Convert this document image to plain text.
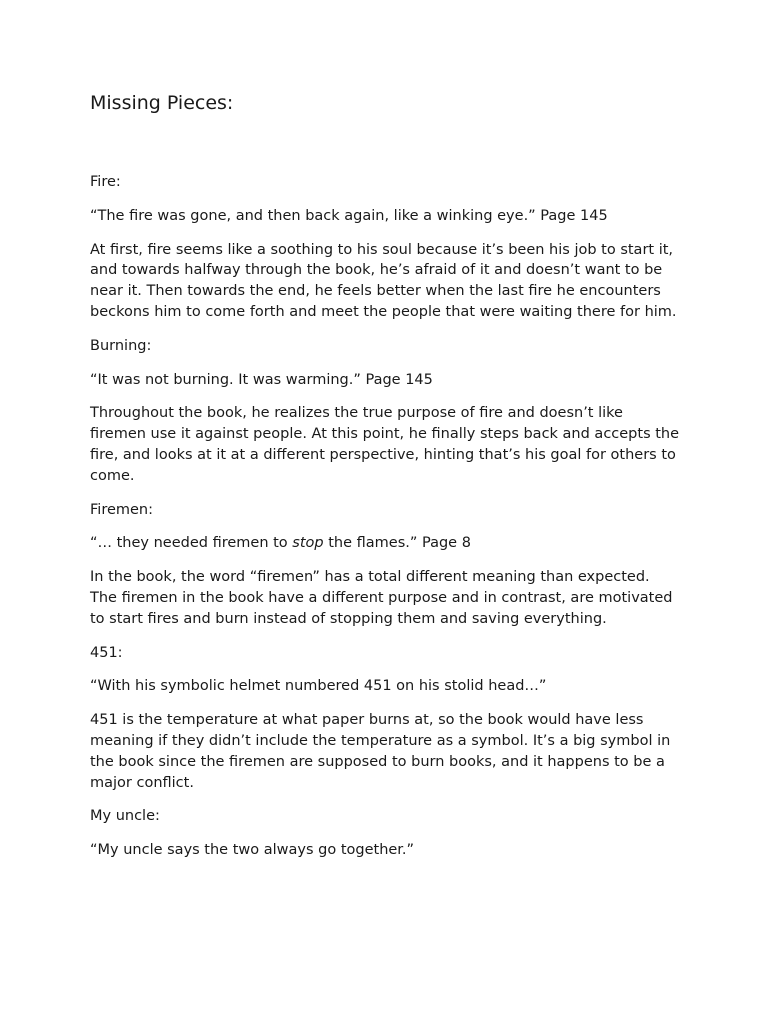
Missing Pieces:

Fire:

“The fire was gone, and then back again, like a winking eye.” Page 145

At first, fire seems like a soothing to his soul because it’s been his job to start it, and towards halfway through the book, he’s afraid of it and doesn’t want to be near it. Then towards the end, he feels better when the last fire he encounters beckons him to come forth and meet the people that were waiting there for him.

Burning:

“It was not burning. It was warming.” Page 145

Throughout the book, he realizes the true purpose of fire and doesn’t like firemen use it against people. At this point, he finally steps back and accepts the fire, and looks at it at a different perspective, hinting that’s his goal for others to come.

Firemen:

“… they needed firemen to stop the flames.” Page 8

In the book, the word “firemen” has a total different meaning than expected. The firemen in the book have a different purpose and in contrast, are motivated to start fires and burn instead of stopping them and saving everything.

451:

“With his symbolic helmet numbered 451 on his stolid head…”

451 is the temperature at what paper burns at, so the book would have less meaning if they didn’t include the temperature as a symbol. It’s a big symbol in the book since the firemen are supposed to burn books, and it happens to be a major conflict.

My uncle:

“My uncle says the two always go together.”
